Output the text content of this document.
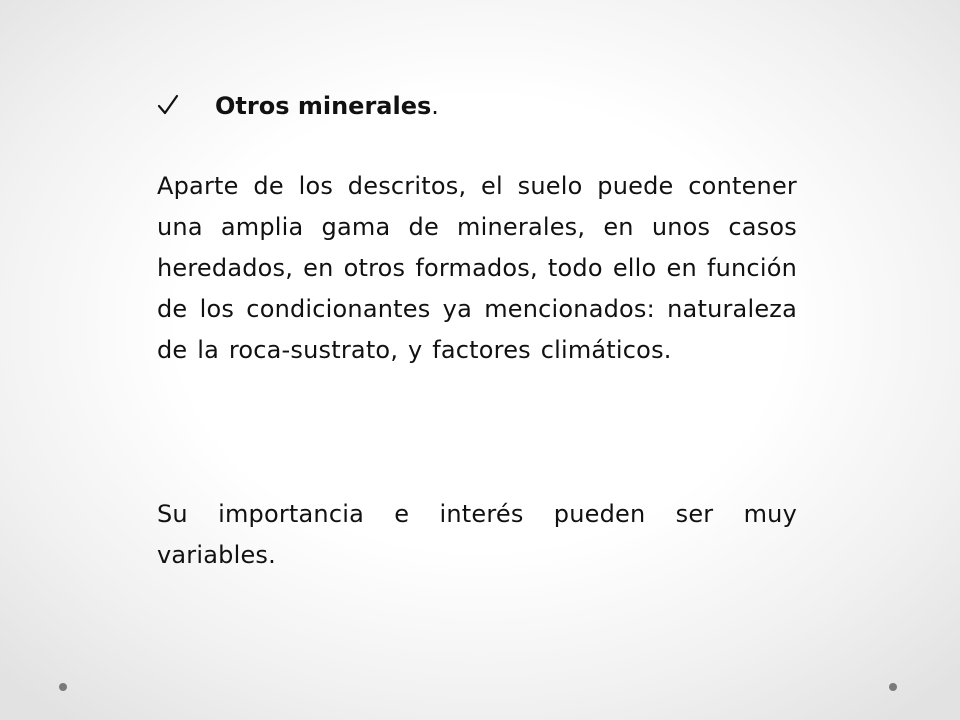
Otros minerales.

Aparte de los descritos, el suelo puede contener una amplia gama de minerales, en unos casos heredados, en otros formados, todo ello en función de los condicionantes ya mencionados: naturaleza de la roca-sustrato, y factores climáticos.

Su importancia e interés pueden ser muy variables.
